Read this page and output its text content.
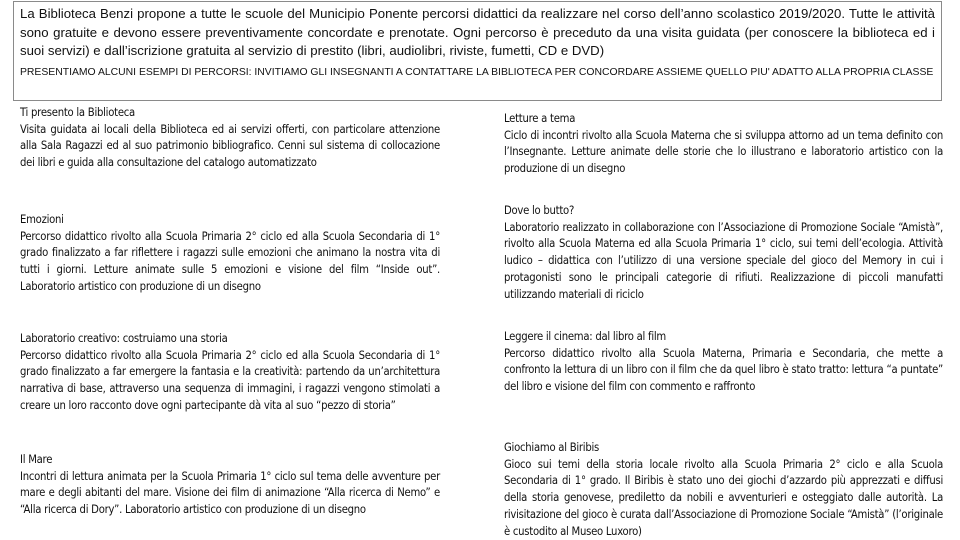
La Biblioteca Benzi propone a tutte le scuole del Municipio Ponente percorsi didattici da realizzare nel corso dell’anno scolastico 2019/2020. Tutte le attività sono gratuite e devono essere preventivamente concordate e prenotate. Ogni percorso è preceduto da una visita guidata (per conoscere la biblioteca ed i suoi servizi) e dall’iscrizione gratuita al servizio di prestito (libri, audiolibri, riviste, fumetti, CD e DVD)

PRESENTIAMO ALCUNI ESEMPI DI PERCORSI: INVITIAMO GLI INSEGNANTI A CONTATTARE LA BIBLIOTECA PER CONCORDARE ASSIEME QUELLO PIU' ADATTO ALLA PROPRIA CLASSE

Ti presento la Biblioteca

Visita guidata ai locali della Biblioteca ed ai servizi offerti, con particolare attenzione alla Sala Ragazzi ed al suo patrimonio bibliografico. Cenni sul sistema di collocazione dei libri e guida alla consultazione del catalogo automatizzato

Emozioni

Percorso didattico rivolto alla Scuola Primaria 2° ciclo ed alla Scuola Secondaria di 1° grado finalizzato a far riflettere i ragazzi sulle emozioni che animano la nostra vita di tutti i giorni. Letture animate sulle 5 emozioni e visione del film “Inside out”. Laboratorio artistico con produzione di un disegno

Laboratorio creativo: costruiamo una storia

Percorso didattico rivolto alla Scuola Primaria 2° ciclo ed alla Scuola Secondaria di 1° grado finalizzato a far emergere la fantasia e la creatività: partendo da un’architettura narrativa di base, attraverso una sequenza di immagini, i ragazzi vengono stimolati a creare un loro racconto dove ogni partecipante dà vita al suo “pezzo di storia”

Il Mare

Incontri di lettura animata per la Scuola Primaria 1° ciclo sul tema delle avventure per mare e degli abitanti del mare. Visione dei film di animazione “Alla ricerca di Nemo” e “Alla ricerca di Dory”. Laboratorio artistico con produzione di un disegno

Letture a tema

Ciclo di incontri rivolto alla Scuola Materna che si sviluppa attorno ad un tema definito con l’Insegnante. Letture animate delle storie che lo illustrano e laboratorio artistico con la produzione di un disegno

Dove lo butto?

Laboratorio realizzato in collaborazione con l’Associazione di Promozione Sociale “Amistà”, rivolto alla Scuola Materna ed alla Scuola Primaria 1° ciclo, sui temi dell’ecologia. Attività ludico – didattica con l’utilizzo di una versione speciale del gioco del Memory in cui i protagonisti sono le principali categorie di rifiuti. Realizzazione di piccoli manufatti utilizzando materiali di riciclo

Leggere il cinema: dal libro al film

Percorso didattico rivolto alla Scuola Materna, Primaria e Secondaria, che mette a confronto la lettura di un libro con il film che da quel libro è stato tratto: lettura “a puntate” del libro e visione del film con commento e raffronto

Giochiamo al Biribis

Gioco sui temi della storia locale rivolto alla Scuola Primaria 2° ciclo e alla Scuola Secondaria di 1° grado. Il Biribis è stato uno dei giochi d’azzardo più apprezzati e diffusi della storia genovese, prediletto da nobili e avventurieri e osteggiato dalle autorità. La rivisitazione del gioco è curata dall’Associazione di Promozione Sociale “Amistà” (l’originale è custodito al Museo Luxoro)
